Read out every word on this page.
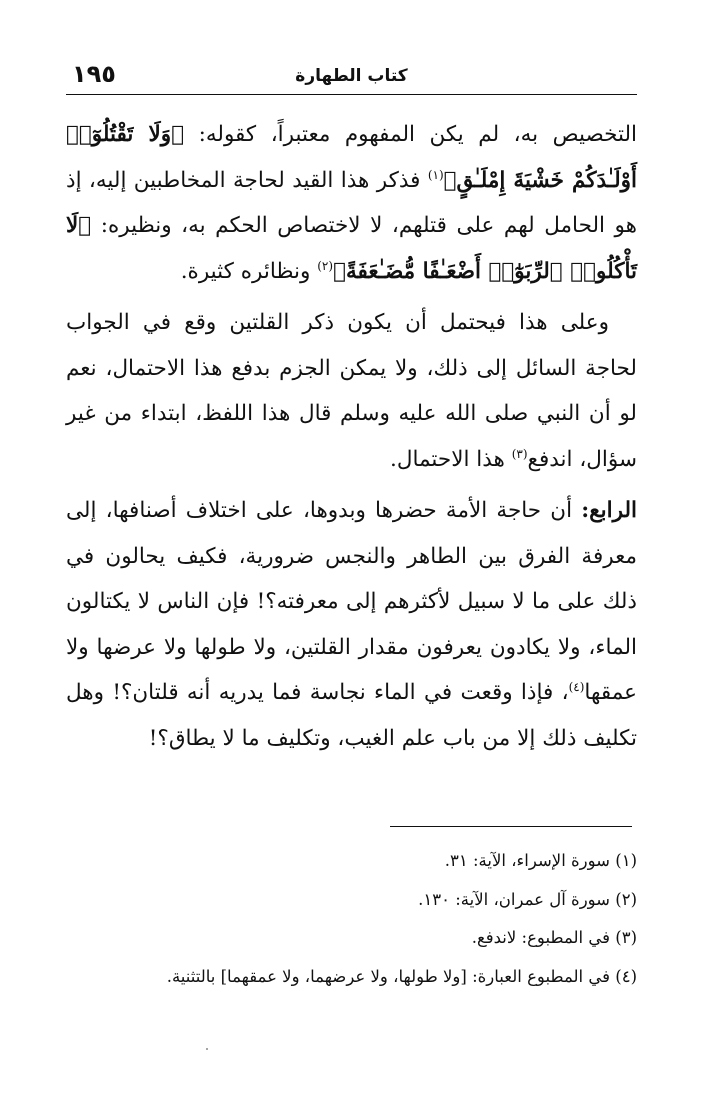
١٩٥	كتاب الطهارة

التخصيص به، لم يكن المفهوم معتبراً، كقوله: ﴿وَلَا تَقْتُلُوٓا۟ أَوْلَـٰدَكُمْ خَشْيَةَ إِمْلَـٰقٍ﴾$^{(١)}$ فذكر هذا القيد لحاجة المخاطبين إليه، إذ هو الحامل لهم على قتلهم، لا لاختصاص الحكم به، ونظيره: ﴿لَا تَأْكُلُوا۟ ٱلرِّبَوٰٓا۟ أَضْعَـٰفًا مُّضَـٰعَفَةً﴾$^{(٢)}$ ونظائره كثيرة.

وعلى هذا فيحتمل أن يكون ذكر القلتين وقع في الجواب لحاجة السائل إلى ذلك، ولا يمكن الجزم بدفع هذا الاحتمال، نعم لو أن النبي صلى الله عليه وسلم قال هذا اللفظ، ابتداء من غير سؤال، اندفع$^{(٣)}$ هذا الاحتمال.

الرابع: أن حاجة الأمة حضرها وبدوها، على اختلاف أصنافها، إلى معرفة الفرق بين الطاهر والنجس ضرورية، فكيف يحالون في ذلك على ما لا سبيل لأكثرهم إلى معرفته؟! فإن الناس لا يكتالون الماء، ولا يكادون يعرفون مقدار القلتين، ولا طولها ولا عرضها ولا عمقها$^{(٤)}$، فإذا وقعت في الماء نجاسة فما يدريه أنه قلتان؟! وهل تكليف ذلك إلا من باب علم الغيب، وتكليف ما لا يطاق؟!

(١) سورة الإسراء، الآية: ٣١.
(٢) سورة آل عمران، الآية: ١٣٠.
(٣) في المطبوع: لاندفع.
(٤) في المطبوع العبارة: [ولا طولها، ولا عرضهما، ولا عمقهما] بالتثنية.
